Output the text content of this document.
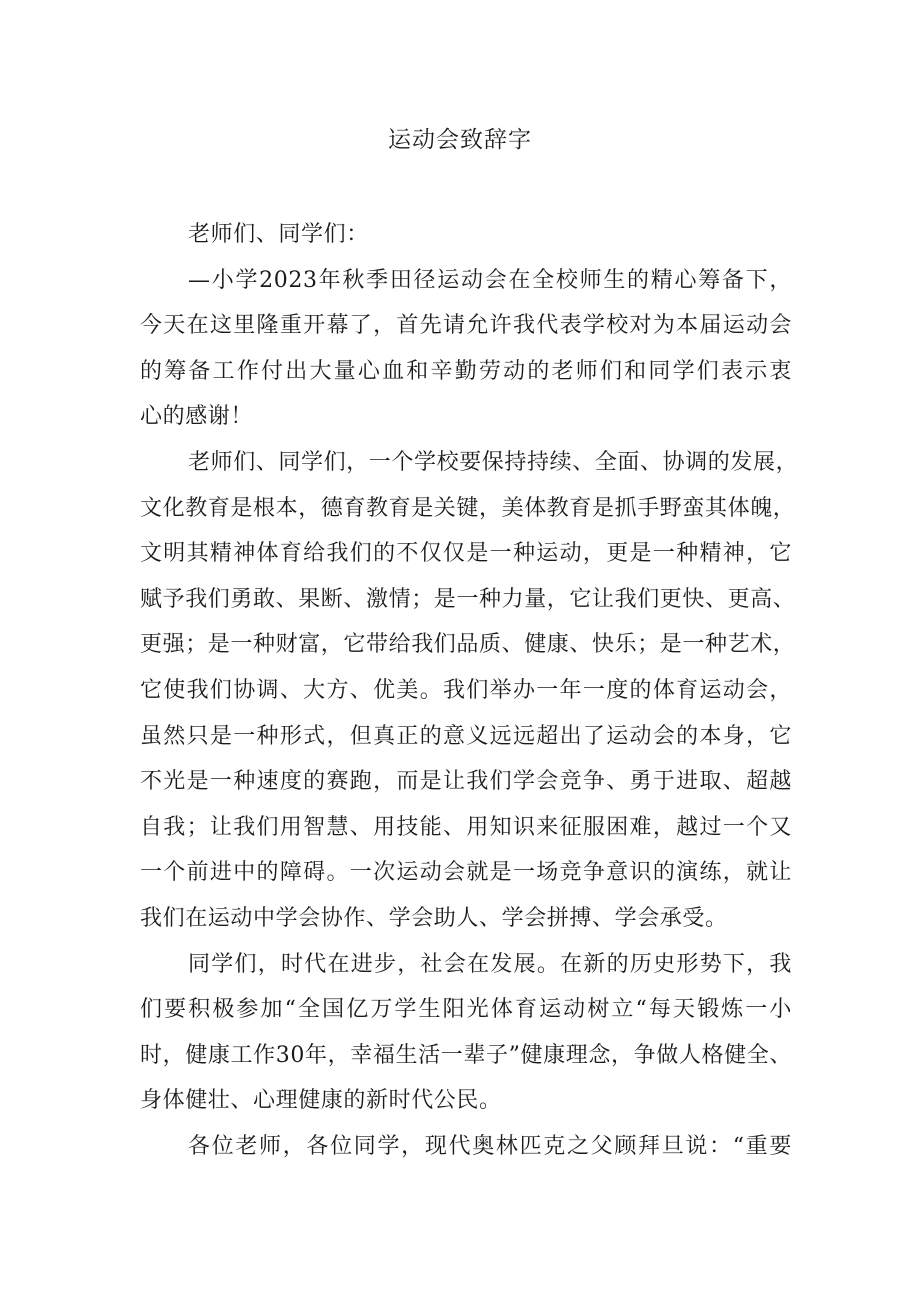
运动会致辞字
老师们、同学们：
—小学2023年秋季田径运动会在全校师生的精心筹备下，
今天在这里隆重开幕了，首先请允许我代表学校对为本届运动会
的筹备工作付出大量心血和辛勤劳动的老师们和同学们表示衷
心的感谢！
老师们、同学们，一个学校要保持持续、全面、协调的发展，
文化教育是根本，德育教育是关键，美体教育是抓手野蛮其体魄，
文明其精神体育给我们的不仅仅是一种运动，更是一种精神，它
赋予我们勇敢、果断、激情；是一种力量，它让我们更快、更高、
更强；是一种财富，它带给我们品质、健康、快乐；是一种艺术，
它使我们协调、大方、优美。我们举办一年一度的体育运动会，
虽然只是一种形式，但真正的意义远远超出了运动会的本身，它
不光是一种速度的赛跑，而是让我们学会竞争、勇于进取、超越
自我；让我们用智慧、用技能、用知识来征服困难，越过一个又
一个前进中的障碍。一次运动会就是一场竞争意识的演练，就让
我们在运动中学会协作、学会助人、学会拼搏、学会承受。
同学们，时代在进步，社会在发展。在新的历史形势下，我
们要积极参加“全国亿万学生阳光体育运动树立“每天锻炼一小
时，健康工作30年，幸福生活一辈子”健康理念，争做人格健全、
身体健壮、心理健康的新时代公民。
各位老师，各位同学，现代奥林匹克之父顾拜旦说：“重要
